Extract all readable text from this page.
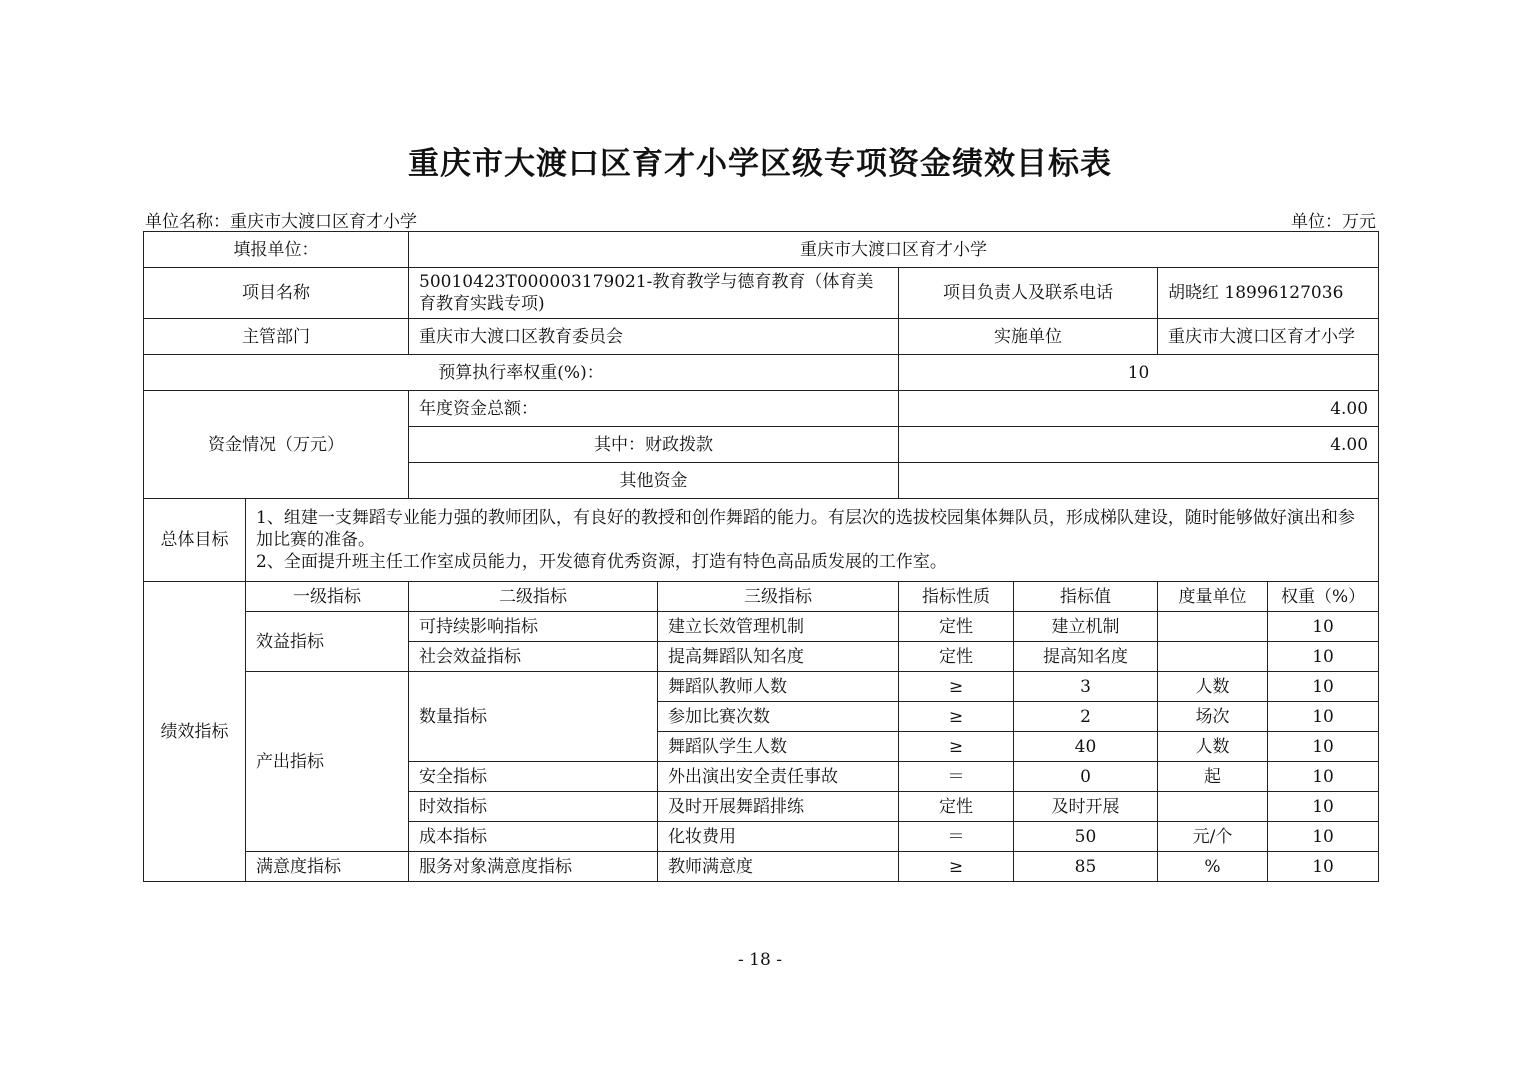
重庆市大渡口区育才小学区级专项资金绩效目标表
单位名称：重庆市大渡口区育才小学	单位：万元
填报单位：		重庆市大渡口区育才小学					
项目名称		50010423T000003179021-教育教学与德育教育（体育美育教育实践专项)		项目负责人及联系电话		胡晓红 18996127036	
主管部门		重庆市大渡口区教育委员会		实施单位		重庆市大渡口区育才小学	
预算执行率权重(%)：				10			
资金情况（万元）		年度资金总额：		4.00			
		其中：财政拨款		4.00			
		其他资金					
总体目标	1、组建一支舞蹈专业能力强的教师团队，有良好的教授和创作舞蹈的能力。有层次的选拔校园集体舞队员，形成梯队建设，随时能够做好演出和参加比赛的准备。
2、全面提升班主任工作室成员能力，开发德育优秀资源，打造有特色高品质发展的工作室。						

绩效指标	一级指标	二级指标	三级指标	指标性质	指标值	度量单位	权重（%）
	效益指标	可持续影响指标	建立长效管理机制	定性	建立机制		10
		社会效益指标	提高舞蹈队知名度	定性	提高知名度		10
	产出指标	数量指标	舞蹈队教师人数	≥	3	人数	10
			参加比赛次数	≥	2	场次	10
			舞蹈队学生人数	≥	40	人数	10
		安全指标	外出演出安全责任事故	＝	0	起	10
		时效指标	及时开展舞蹈排练	定性	及时开展		10
		成本指标	化妆费用	＝	50	元/个	10
	满意度指标	服务对象满意度指标	教师满意度	≥	85	%	10
- 18 -
